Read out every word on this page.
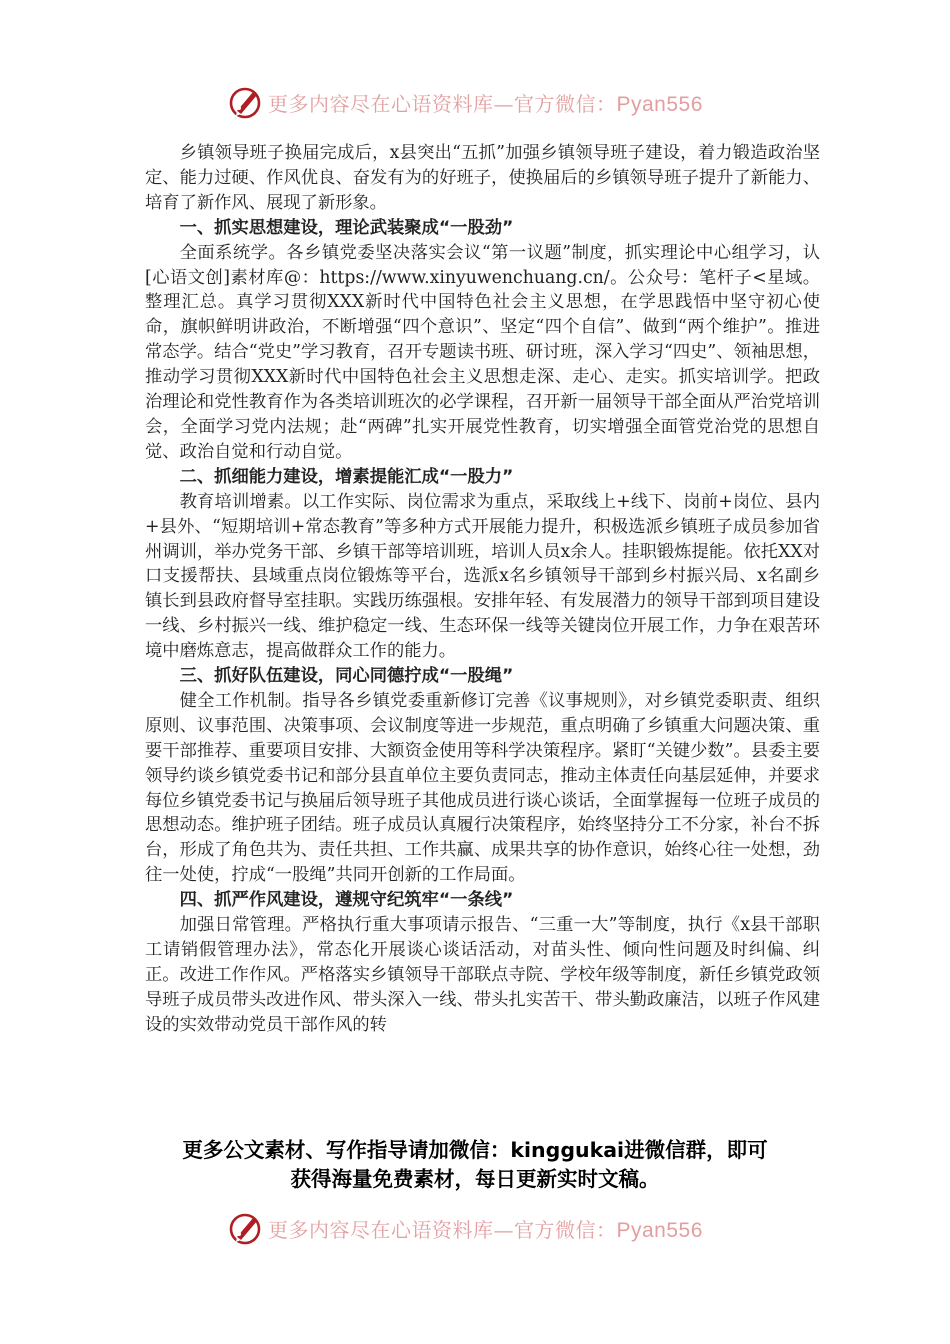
更多内容尽在心语资料库—官方微信：Pyan556

乡镇领导班子换届完成后，x县突出“五抓”加强乡镇领导班子建设，着力锻造政治坚定、能力过硬、作风优良、奋发有为的好班子，使换届后的乡镇领导班子提升了新能力、培育了新作风、展现了新形象。

一、抓实思想建设，理论武装聚成“一股劲”

全面系统学。各乡镇党委坚决落实会议“第一议题”制度，抓实理论中心组学习，认[心语文创]素材库@：https://www.xinyuwenchuang.cn/。公众号：笔杆子<星域。整理汇总。真学习贯彻XXX新时代中国特色社会主义思想，在学思践悟中坚守初心使命，旗帜鲜明讲政治，不断增强“四个意识”、坚定“四个自信”、做到“两个维护”。推进常态学。结合“党史”学习教育，召开专题读书班、研讨班，深入学习“四史”、领袖思想，推动学习贯彻XXX新时代中国特色社会主义思想走深、走心、走实。抓实培训学。把政治理论和党性教育作为各类培训班次的必学课程，召开新一届领导干部全面从严治党培训会，全面学习党内法规；赴“两碑”扎实开展党性教育，切实增强全面管党治党的思想自觉、政治自觉和行动自觉。

二、抓细能力建设，增素提能汇成“一股力”

教育培训增素。以工作实际、岗位需求为重点，采取线上+线下、岗前+岗位、县内+县外、“短期培训+常态教育”等多种方式开展能力提升，积极选派乡镇班子成员参加省州调训，举办党务干部、乡镇干部等培训班，培训人员x余人。挂职锻炼提能。依托XX对口支援帮扶、县域重点岗位锻炼等平台，选派x名乡镇领导干部到乡村振兴局、x名副乡镇长到县政府督导室挂职。实践历练强根。安排年轻、有发展潜力的领导干部到项目建设一线、乡村振兴一线、维护稳定一线、生态环保一线等关键岗位开展工作，力争在艰苦环境中磨炼意志，提高做群众工作的能力。

三、抓好队伍建设，同心同德拧成“一股绳”

健全工作机制。指导各乡镇党委重新修订完善《议事规则》，对乡镇党委职责、组织原则、议事范围、决策事项、会议制度等进一步规范，重点明确了乡镇重大问题决策、重要干部推荐、重要项目安排、大额资金使用等科学决策程序。紧盯“关键少数”。县委主要领导约谈乡镇党委书记和部分县直单位主要负责同志，推动主体责任向基层延伸，并要求每位乡镇党委书记与换届后领导班子其他成员进行谈心谈话，全面掌握每一位班子成员的思想动态。维护班子团结。班子成员认真履行决策程序，始终坚持分工不分家，补台不拆台，形成了角色共为、责任共担、工作共赢、成果共享的协作意识，始终心往一处想，劲往一处使，拧成“一股绳”共同开创新的工作局面。

四、抓严作风建设，遵规守纪筑牢“一条线”

加强日常管理。严格执行重大事项请示报告、“三重一大”等制度，执行《x县干部职工请销假管理办法》，常态化开展谈心谈话活动，对苗头性、倾向性问题及时纠偏、纠正。改进工作作风。严格落实乡镇领导干部联点寺院、学校年级等制度，新任乡镇党政领导班子成员带头改进作风、带头深入一线、带头扎实苦干、带头勤政廉洁，以班子作风建设的实效带动党员干部作风的转

更多公文素材、写作指导请加微信：kinggukai进微信群，即可
获得海量免费素材，每日更新实时文稿。
更多内容尽在心语资料库—官方微信：Pyan556
